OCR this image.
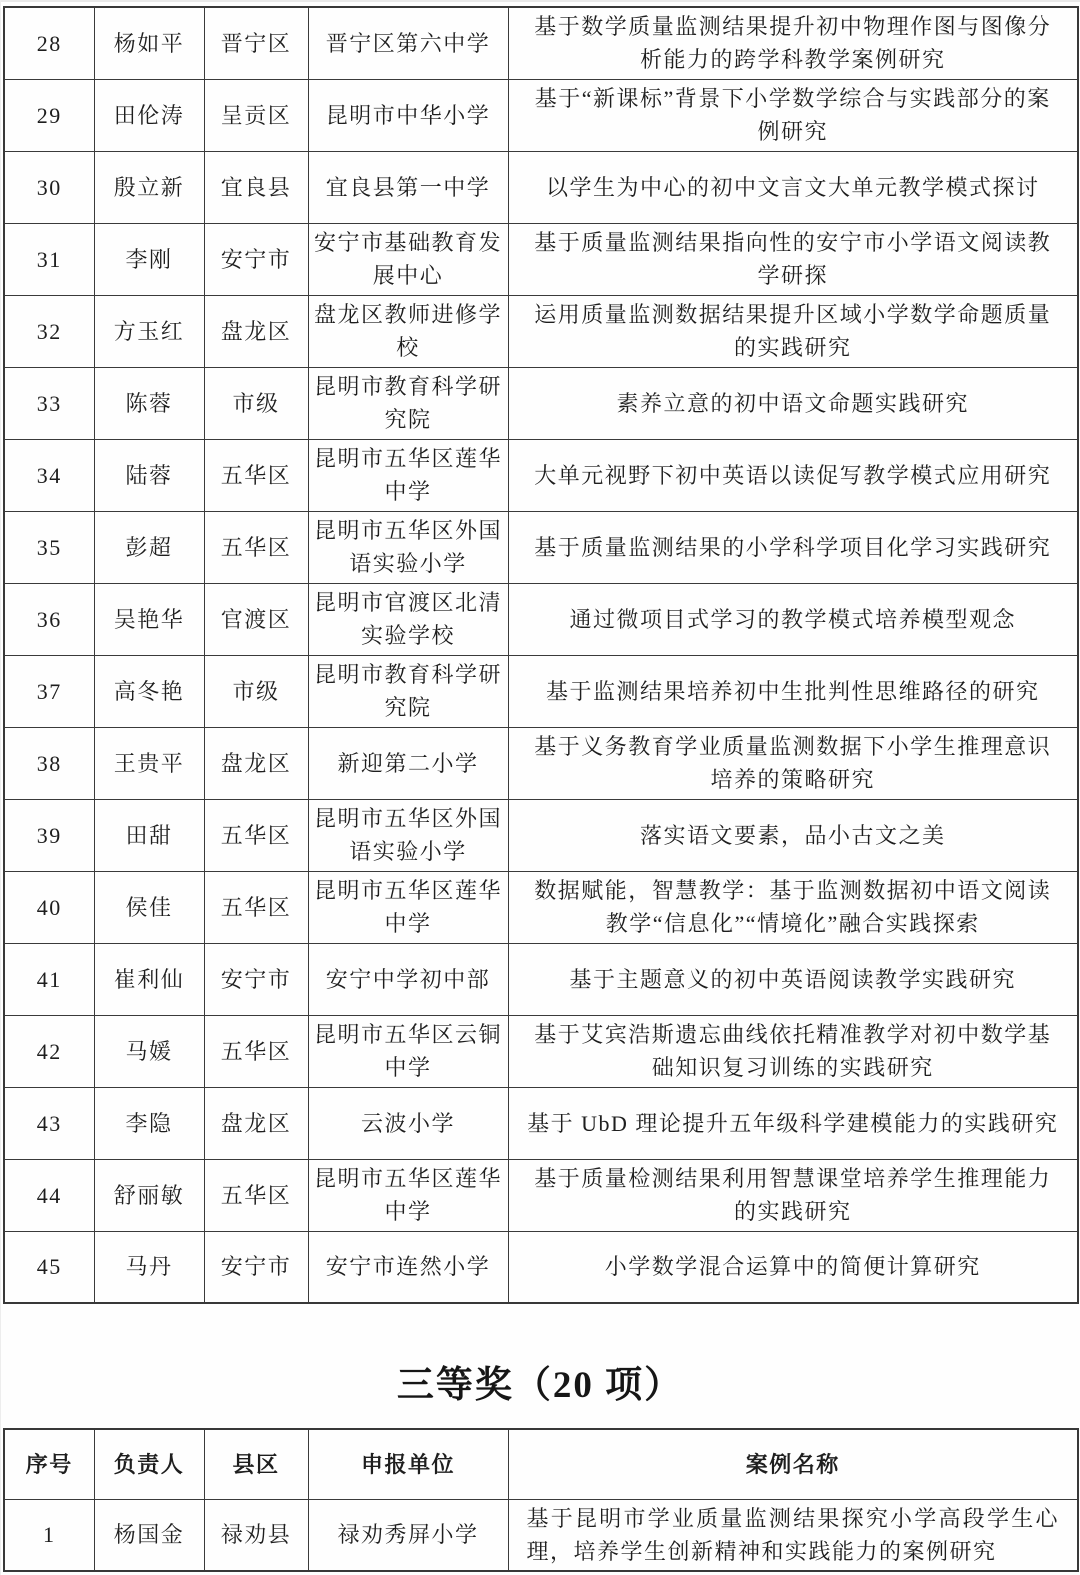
28	杨如平	晋宁区	晋宁区第六中学	基于数学质量监测结果提升初中物理作图与图像分析能力的跨学科教学案例研究
29	田伦涛	呈贡区	昆明市中华小学	基于“新课标”背景下小学数学综合与实践部分的案例研究
30	殷立新	宜良县	宜良县第一中学	以学生为中心的初中文言文大单元教学模式探讨
31	李刚	安宁市	安宁市基础教育发展中心	基于质量监测结果指向性的安宁市小学语文阅读教学研探
32	方玉红	盘龙区	盘龙区教师进修学校	运用质量监测数据结果提升区域小学数学命题质量的实践研究
33	陈蓉	市级	昆明市教育科学研究院	素养立意的初中语文命题实践研究
34	陆蓉	五华区	昆明市五华区莲华中学	大单元视野下初中英语以读促写教学模式应用研究
35	彭超	五华区	昆明市五华区外国语实验小学	基于质量监测结果的小学科学项目化学习实践研究
36	吴艳华	官渡区	昆明市官渡区北清实验学校	通过微项目式学习的教学模式培养模型观念
37	高冬艳	市级	昆明市教育科学研究院	基于监测结果培养初中生批判性思维路径的研究
38	王贵平	盘龙区	新迎第二小学	基于义务教育学业质量监测数据下小学生推理意识培养的策略研究
39	田甜	五华区	昆明市五华区外国语实验小学	落实语文要素，品小古文之美
40	侯佳	五华区	昆明市五华区莲华中学	数据赋能，智慧教学：基于监测数据初中语文阅读教学“信息化”“情境化”融合实践探索
41	崔利仙	安宁市	安宁中学初中部	基于主题意义的初中英语阅读教学实践研究
42	马媛	五华区	昆明市五华区云铜中学	基于艾宾浩斯遗忘曲线依托精准教学对初中数学基础知识复习训练的实践研究
43	李隐	盘龙区	云波小学	基于 UbD 理论提升五年级科学建模能力的实践研究
44	舒丽敏	五华区	昆明市五华区莲华中学	基于质量检测结果利用智慧课堂培养学生推理能力的实践研究
45	马丹	安宁市	安宁市连然小学	小学数学混合运算中的简便计算研究
三等奖（20 项）
序号	负责人	县区	申报单位	案例名称
1	杨国金	禄劝县	禄劝秀屏小学	基于昆明市学业质量监测结果探究小学高段学生心理，培养学生创新精神和实践能力的案例研究
